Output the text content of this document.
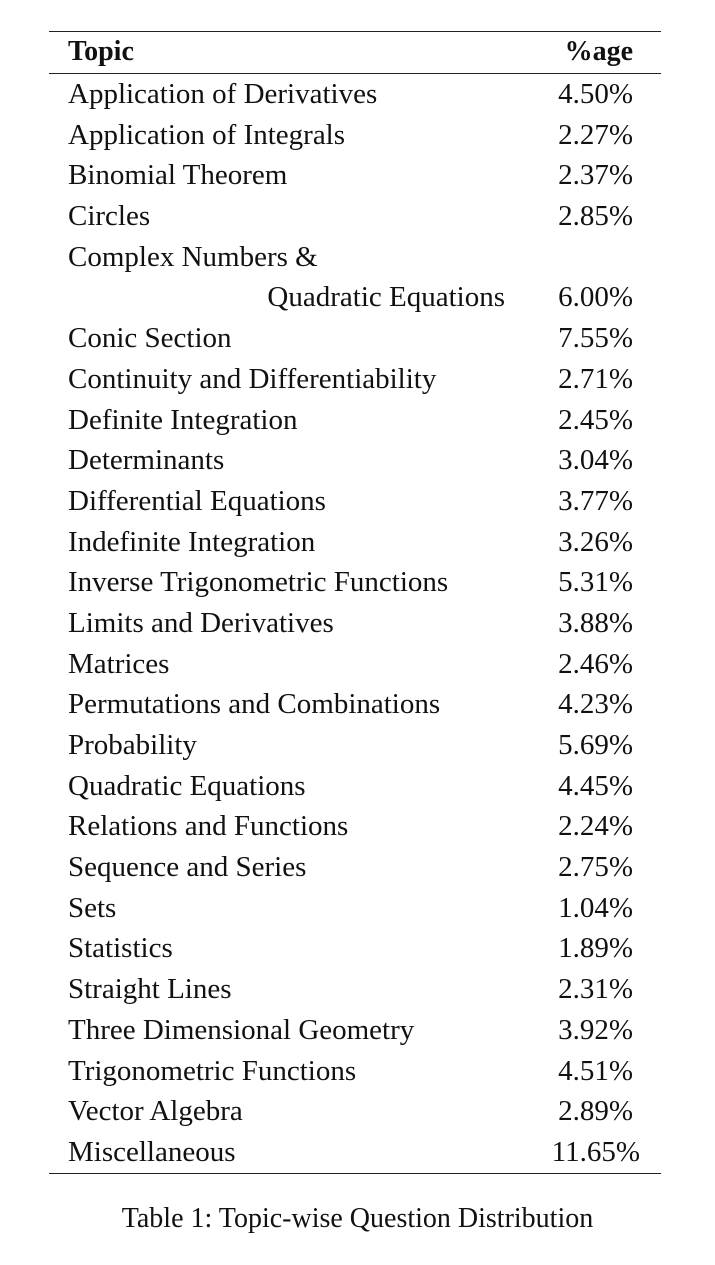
Topic	%age
Application of Derivatives	4.50%
Application of Integrals	2.27%
Binomial Theorem	2.37%
Circles	2.85%
Complex Numbers &
Quadratic Equations 6.00%
Conic Section	7.55%
Continuity and Differentiability	2.71%
Definite Integration	2.45%
Determinants	3.04%
Differential Equations	3.77%
Indefinite Integration	3.26%
Inverse Trigonometric Functions	5.31%
Limits and Derivatives	3.88%
Matrices	2.46%
Permutations and Combinations	4.23%
Probability	5.69%
Quadratic Equations	4.45%
Relations and Functions	2.24%
Sequence and Series	2.75%
Sets	1.04%
Statistics	1.89%
Straight Lines	2.31%
Three Dimensional Geometry	3.92%
Trigonometric Functions	4.51%
Vector Algebra	2.89%
Miscellaneous	11.65%
Table 1: Topic-wise Question Distribution
